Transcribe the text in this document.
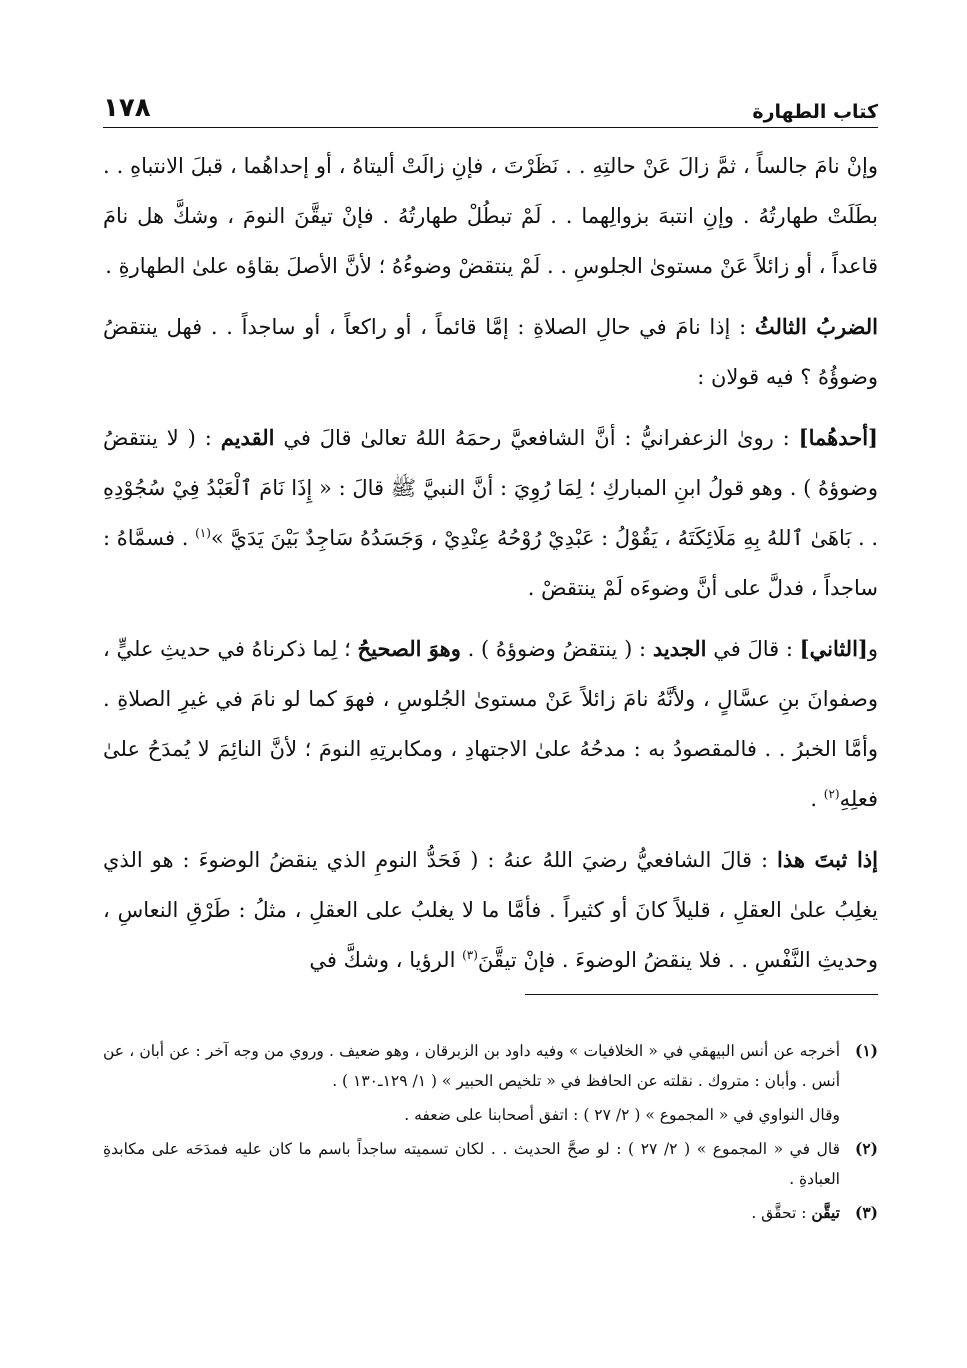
كتاب الطهارة
١٧٨

وإنْ نامَ جالساً ، ثمَّ زالَ عَنْ حالتِهِ . . نَظَرْتَ ، فإنِ زالَتْ أليتاهُ ، أو إحداهُما ، قبلَ الانتباهِ . . بطَلَتْ طهارتُهُ . وإنِ انتبهَ بزوالِهما . . لَمْ تبطُلْ طهارتُهُ . فإنْ تيقَّنَ النومَ ، وشكَّ هل نامَ قاعداً ، أو زائلاً عَنْ مستوىٰ الجلوسِ . . لَمْ ينتقضْ وضوءُهُ ؛ لأنَّ الأصلَ بقاؤه علىٰ الطهارةِ .

الضربُ الثالثُ : إذا نامَ في حالِ الصلاةِ : إمَّا قائماً ، أو راكعاً ، أو ساجداً . . فهل ينتقضُ وضوؤُهُ ؟ فيه قولان :

[أحدهُما] : روىٰ الزعفرانيُّ : أنَّ الشافعيَّ رحمَهُ اللهُ تعالىٰ قالَ في القديم : ( لا ينتقضُ وضوؤهُ ) . وهو قولُ ابنِ المباركِ ؛ لِمَا رُوِيَ : أنَّ النبيَّ ﷺ قالَ : « إِذَا نَامَ ٱلْعَبْدُ فِيْ سُجُوْدِهِ . . بَاهَىٰ ٱللهُ بِهِ مَلَائِكَتَهُ ، يَقُوْلُ : عَبْدِيْ رُوْحُهُ عِنْدِيْ ، وَجَسَدُهُ سَاجِدٌ بَيْنَ يَدَيَّ »$^{(١)}$ . فسمَّاهُ : ساجداً ، فدلَّ على أنَّ وضوءَه لَمْ ينتقضْ .

و[الثاني] : قالَ في الجديد : ( ينتقضُ وضوؤهُ ) . وهوَ الصحيحُ ؛ لِما ذكرناهُ في حديثِ عليٍّ ، وصفوانَ بنِ عسَّالٍ ، ولأنَّهُ نامَ زائلاً عَنْ مستوىٰ الجُلوسِ ، فهوَ كما لو نامَ في غيرِ الصلاةِ . وأمَّا الخبرُ . . فالمقصودُ به : مدحُهُ علىٰ الاجتهادِ ، ومكابرتِهِ النومَ ؛ لأنَّ النائِمَ لا يُمدَحُ علىٰ فعلِهِ$^{(٢)}$ .

إذا ثبتَ هذا : قالَ الشافعيُّ رضيَ اللهُ عنهُ : ( فَحَدُّ النومِ الذي ينقضُ الوضوءَ : هو الذي يغلِبُ علىٰ العقلِ ، قليلاً كانَ أو كثيراً . فأمَّا ما لا يغلبُ على العقلِ ، مثلُ : طَرْقِ النعاسِ ، وحديثِ النَّفْسِ . . فلا ينقضُ الوضوءَ . فإنْ تيقَّنَ$^{(٣)}$ الرؤيا ، وشكَّ في

(١)
أخرجه عن أنس البيهقي في « الخلافيات » وفيه داود بن الزبرقان ، وهو ضعيف . وروي من وجه آخر : عن أبان ، عن أنس . وأبان : متروك . نقلته عن الحافظ في « تلخيص الحبير » ( ١/ ١٢٩ـ١٣٠ ) .
وقال النواوي في « المجموع » ( ٢/ ٢٧ ) : اتفق أصحابنا على ضعفه .
(٢)
قال في « المجموع » ( ٢/ ٢٧ ) : لو صحَّ الحديث . . لكان تسميته ساجداً باسم ما كان عليه فمدَحَه على مكابدةِ العبادةِ .
(٣)
تيقَّن : تحقَّق .
